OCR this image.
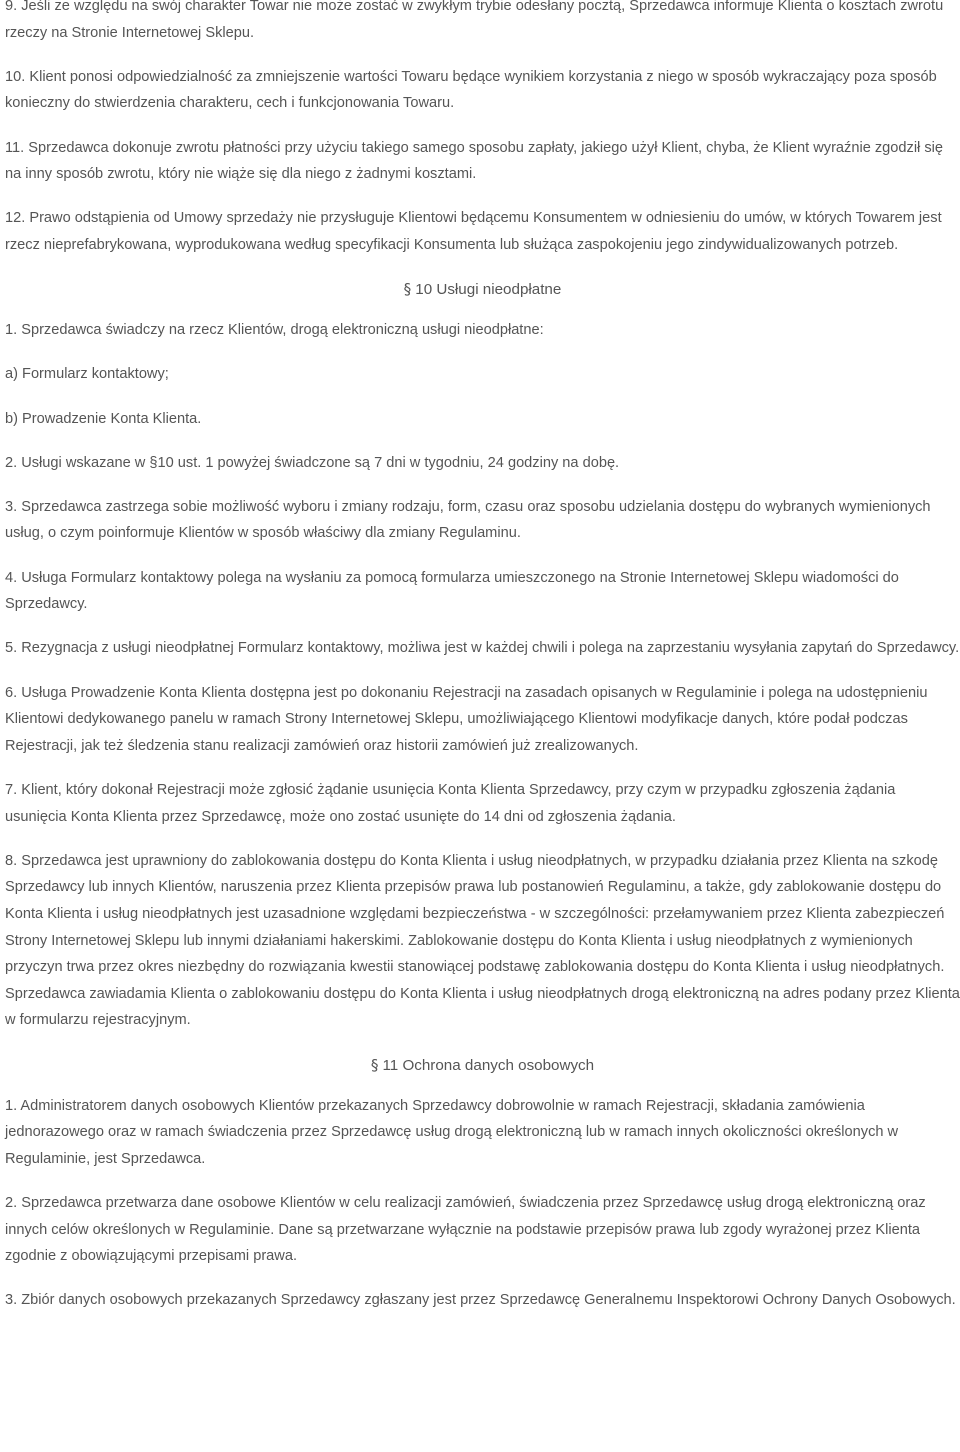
9. Jeśli ze względu na swój charakter Towar nie może zostać w zwykłym trybie odesłany pocztą, Sprzedawca informuje Klienta o kosztach zwrotu rzeczy na Stronie Internetowej Sklepu.

10. Klient ponosi odpowiedzialność za zmniejszenie wartości Towaru będące wynikiem korzystania z niego w sposób wykraczający poza sposób konieczny do stwierdzenia charakteru, cech i funkcjonowania Towaru.

11. Sprzedawca dokonuje zwrotu płatności przy użyciu takiego samego sposobu zapłaty, jakiego użył Klient, chyba, że Klient wyraźnie zgodził się na inny sposób zwrotu, który nie wiąże się dla niego z żadnymi kosztami.

12. Prawo odstąpienia od Umowy sprzedaży nie przysługuje Klientowi będącemu Konsumentem w odniesieniu do umów, w których Towarem jest rzecz nieprefabrykowana, wyprodukowana według specyfikacji Konsumenta lub służąca zaspokojeniu jego zindywidualizowanych potrzeb.

§ 10 Usługi nieodpłatne

1. Sprzedawca świadczy na rzecz Klientów, drogą elektroniczną usługi nieodpłatne:

a) Formularz kontaktowy;

b) Prowadzenie Konta Klienta.

2. Usługi wskazane w §10 ust. 1 powyżej świadczone są 7 dni w tygodniu, 24 godziny na dobę.

3. Sprzedawca zastrzega sobie możliwość wyboru i zmiany rodzaju, form, czasu oraz sposobu udzielania dostępu do wybranych wymienionych usług, o czym poinformuje Klientów w sposób właściwy dla zmiany Regulaminu.

4. Usługa Formularz kontaktowy polega na wysłaniu za pomocą formularza umieszczonego na Stronie Internetowej Sklepu wiadomości do Sprzedawcy.

5. Rezygnacja z usługi nieodpłatnej Formularz kontaktowy, możliwa jest w każdej chwili i polega na zaprzestaniu wysyłania zapytań do Sprzedawcy.

6. Usługa Prowadzenie Konta Klienta dostępna jest po dokonaniu Rejestracji na zasadach opisanych w Regulaminie i polega na udostępnieniu Klientowi dedykowanego panelu w ramach Strony Internetowej Sklepu, umożliwiającego Klientowi modyfikacje danych, które podał podczas Rejestracji, jak też śledzenia stanu realizacji zamówień oraz historii zamówień już zrealizowanych.

7. Klient, który dokonał Rejestracji może zgłosić żądanie usunięcia Konta Klienta Sprzedawcy, przy czym w przypadku zgłoszenia żądania usunięcia Konta Klienta przez Sprzedawcę, może ono zostać usunięte do 14 dni od zgłoszenia żądania.

8. Sprzedawca jest uprawniony do zablokowania dostępu do Konta Klienta i usług nieodpłatnych, w przypadku działania przez Klienta na szkodę Sprzedawcy lub innych Klientów, naruszenia przez Klienta przepisów prawa lub postanowień Regulaminu, a także, gdy zablokowanie dostępu do Konta Klienta i usług nieodpłatnych jest uzasadnione względami bezpieczeństwa - w szczególności: przełamywaniem przez Klienta zabezpieczeń Strony Internetowej Sklepu lub innymi działaniami hakerskimi. Zablokowanie dostępu do Konta Klienta i usług nieodpłatnych z wymienionych przyczyn trwa przez okres niezbędny do rozwiązania kwestii stanowiącej podstawę zablokowania dostępu do Konta Klienta i usług nieodpłatnych. Sprzedawca zawiadamia Klienta o zablokowaniu dostępu do Konta Klienta i usług nieodpłatnych drogą elektroniczną na adres podany przez Klienta w formularzu rejestracyjnym.

§ 11 Ochrona danych osobowych

1. Administratorem danych osobowych Klientów przekazanych Sprzedawcy dobrowolnie w ramach Rejestracji, składania zamówienia jednorazowego oraz w ramach świadczenia przez Sprzedawcę usług drogą elektroniczną lub w ramach innych okoliczności określonych w Regulaminie, jest Sprzedawca.

2. Sprzedawca przetwarza dane osobowe Klientów w celu realizacji zamówień, świadczenia przez Sprzedawcę usług drogą elektroniczną oraz innych celów określonych w Regulaminie. Dane są przetwarzane wyłącznie na podstawie przepisów prawa lub zgody wyrażonej przez Klienta zgodnie z obowiązującymi przepisami prawa.

3. Zbiór danych osobowych przekazanych Sprzedawcy zgłaszany jest przez Sprzedawcę Generalnemu Inspektorowi Ochrony Danych Osobowych.
